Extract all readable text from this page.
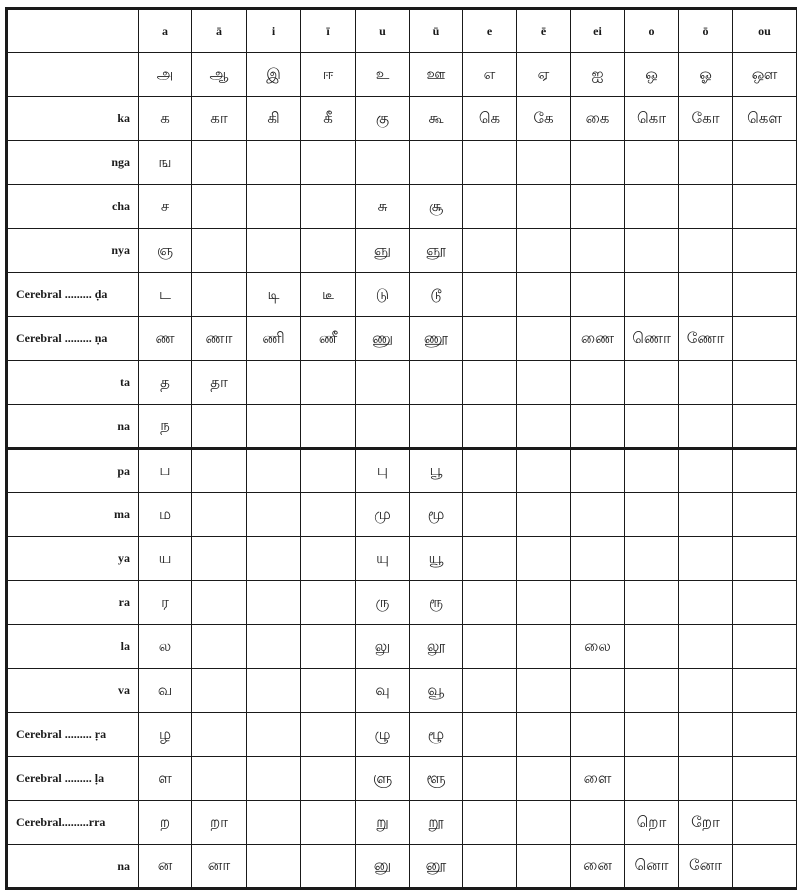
	a	ā	i	ī	u	ū	e	ē	ei	o	ō	ou
	அ	ஆ	இ	ஈ	உ	ஊ	எ	ஏ	ஐ	ஒ	ஓ	ஔ
ka	க	கா	கி	கீ	கு	கூ	கெ	கே	கை	கொ	கோ	கௌ
nga	ங											
cha	ச				சு	சூ						
nya	ஞ				ஞு	ஞூ						
Cerebral ......... ḍa	ட		டி	டீ	டு	டூ						
Cerebral ......... ṇa	ண	ணா	ணி	ணீ	ணு	ணூ			ணை	ணொ	ணோ	
ta	த	தா										
na	ந											
pa	ப				பு	பூ						
ma	ம				மு	மூ						
ya	ய				யு	யூ						
ra	ர				ரு	ரூ						
la	ல				லு	லூ			லை			
va	வ				வு	வூ						
Cerebral ......... ṛa	ழ				ழு	ழூ						
Cerebral ......... ḷa	ள				ளு	ளூ			ளை			
Cerebral.........rra	ற	றா			று	றூ				றொ	றோ	
na	ன	னா			னு	னூ			னை	னொ	னோ	
